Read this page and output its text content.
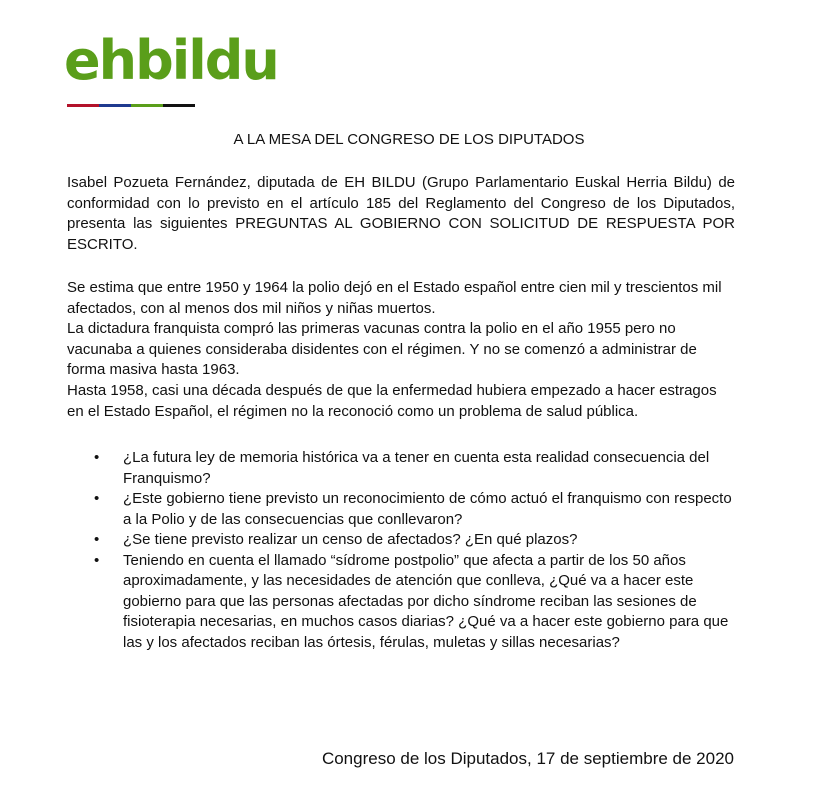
ehbildu
A LA MESA DEL CONGRESO DE LOS DIPUTADOS

Isabel Pozueta Fernández, diputada de EH BILDU (Grupo Parlamentario Euskal Herria Bildu) de conformidad con lo previsto en el artículo 185 del Reglamento del Congreso de los Diputados, presenta las siguientes PREGUNTAS AL GOBIERNO CON SOLICITUD DE RESPUESTA POR ESCRITO.

Se estima que entre 1950 y 1964 la polio dejó en el Estado español entre cien mil y trescientos mil afectados, con al menos dos mil niños y niñas muertos.

La dictadura franquista compró las primeras vacunas contra la polio en el año 1955 pero no vacunaba a quienes consideraba disidentes con el régimen. Y no se comenzó a administrar de forma masiva hasta 1963.

Hasta 1958, casi una década después de que la enfermedad hubiera empezado a hacer estragos en el Estado Español, el régimen no la reconoció como un problema de salud pública.

• ¿La futura ley de memoria histórica va a tener en cuenta esta realidad consecuencia del Franquismo?
• ¿Este gobierno tiene previsto un reconocimiento de cómo actuó el franquismo con respecto a la Polio y de las consecuencias que conllevaron?
• ¿Se tiene previsto realizar un censo de afectados? ¿En qué plazos?
• Teniendo en cuenta el llamado “sídrome postpolio” que afecta a partir de los 50 años aproximadamente, y las necesidades de atención que conlleva, ¿Qué va a hacer este gobierno para que las personas afectadas por dicho síndrome reciban las sesiones de fisioterapia necesarias, en muchos casos diarias? ¿Qué va a hacer este gobierno para que las y los afectados reciban las órtesis, férulas, muletas y sillas necesarias?
Congreso de los Diputados, 17 de septiembre de 2020
